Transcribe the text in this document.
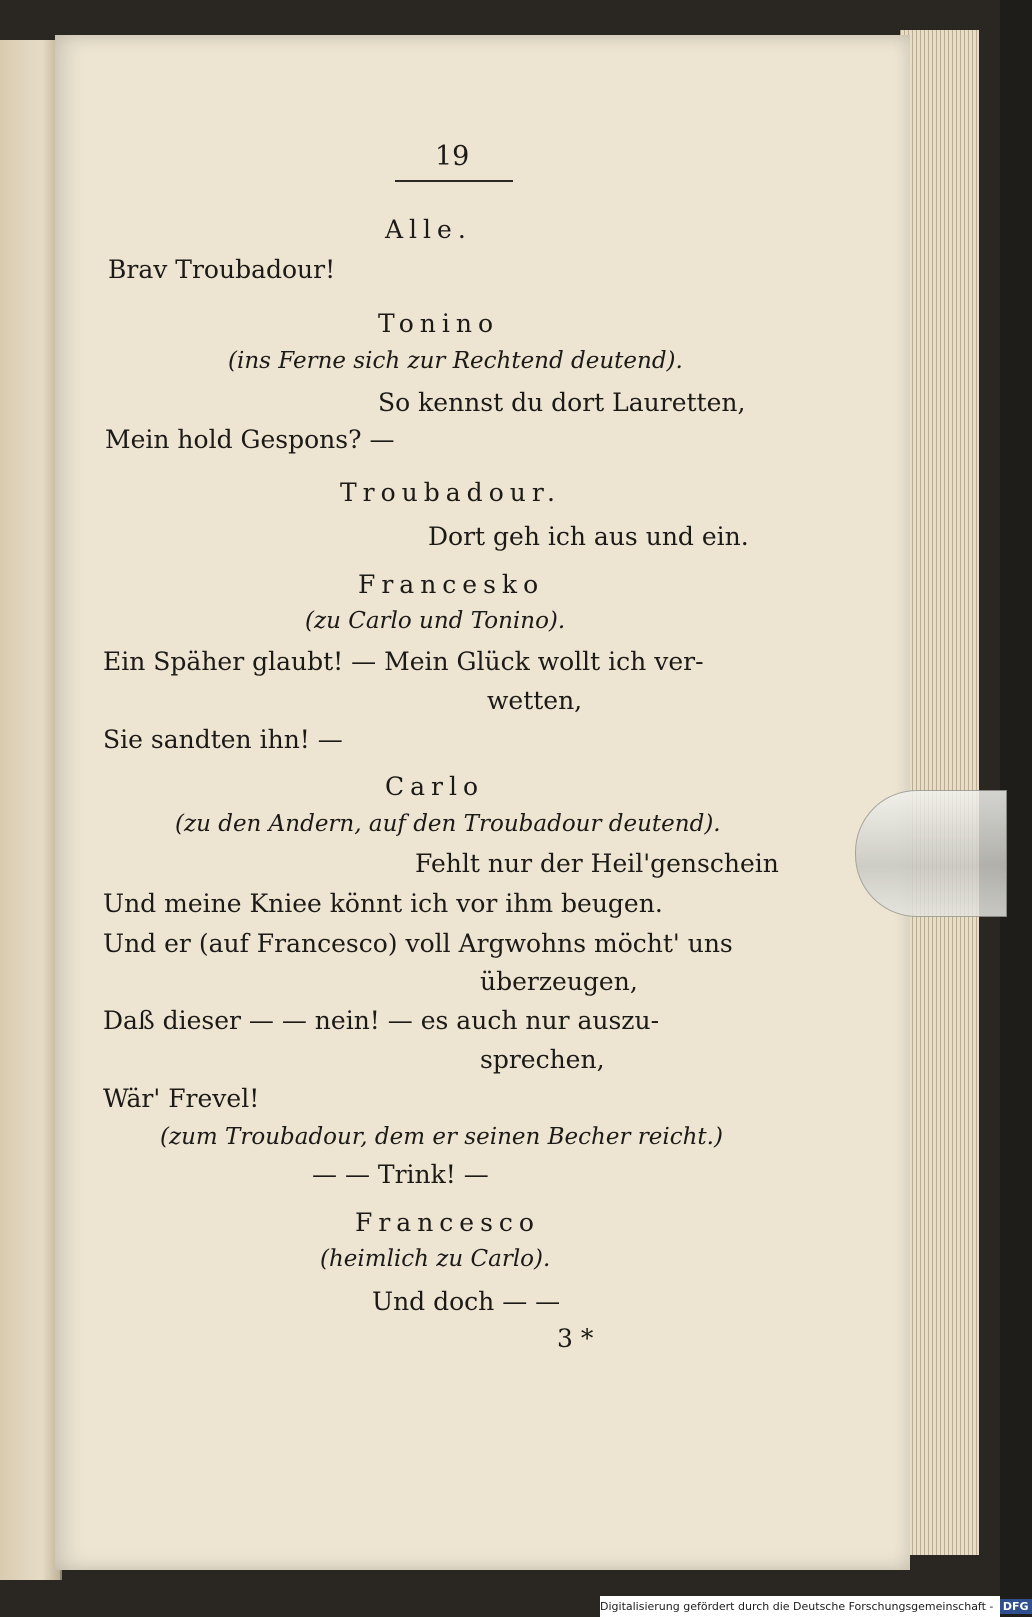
19

Alle.

Brav Troubadour!

Tonino

(ins Ferne sich zur Rechtend deutend).

So kennst du dort Lauretten,

Mein hold Gespons? —

Troubadour.

Dort geh ich aus und ein.

Francesko

(zu Carlo und Tonino).

Ein Späher glaubt! — Mein Glück wollt ich ver-

wetten,

Sie sandten ihn! —

Carlo

(zu den Andern, auf den Troubadour deutend).

Fehlt nur der Heil'genschein

Und meine Kniee könnt ich vor ihm beugen.

Und er (auf Francesco) voll Argwohns möcht' uns

überzeugen,

Daß dieser — — nein! — es auch nur auszu-

sprechen,

Wär' Frevel!

(zum Troubadour, dem er seinen Becher reicht.)

— — Trink! —

Francesco

(heimlich zu Carlo).

Und doch — —

3 *

Digitalisierung gefördert durch die Deutsche Forschungsgemeinschaft - DFG
